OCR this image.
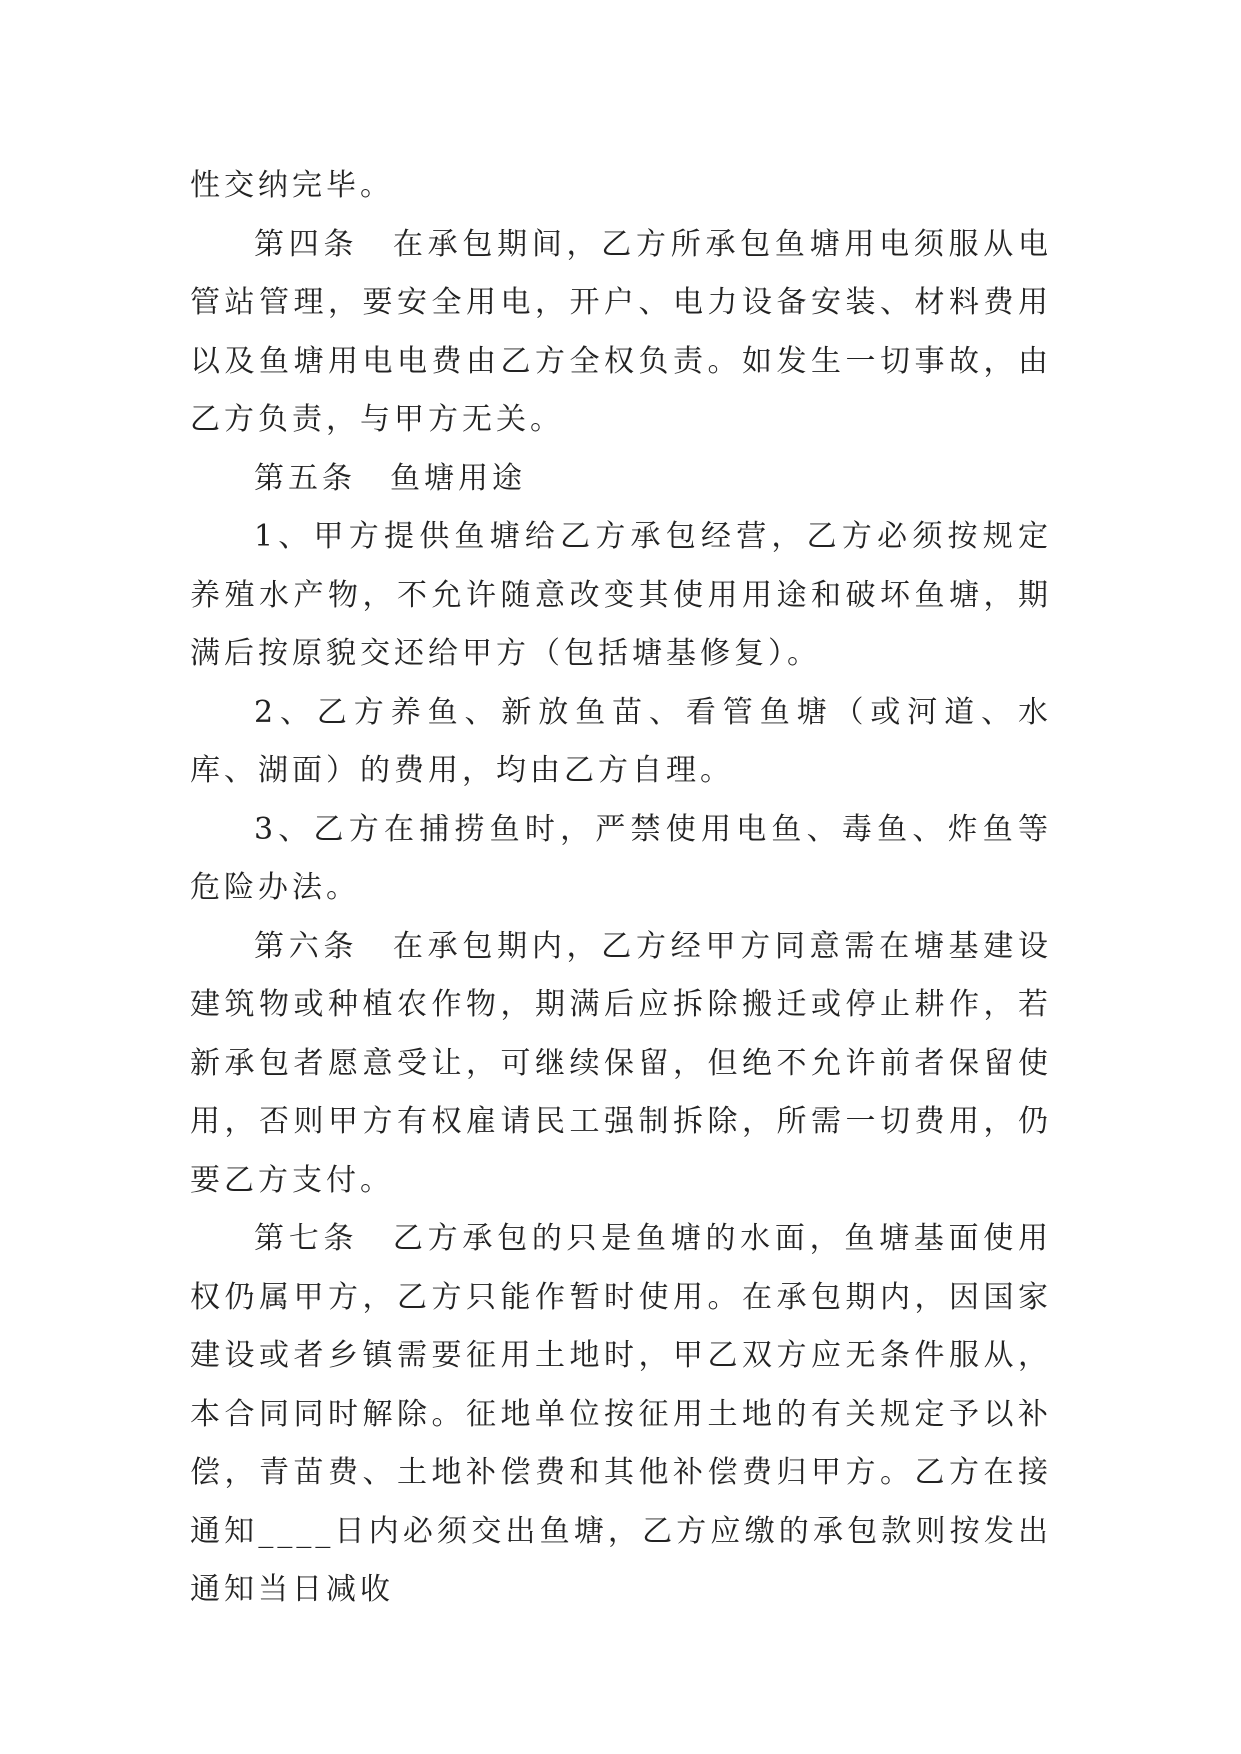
性交纳完毕。

第四条　在承包期间，乙方所承包鱼塘用电须服从电管站管理，要安全用电，开户、电力设备安装、材料费用以及鱼塘用电电费由乙方全权负责。如发生一切事故，由乙方负责，与甲方无关。

第五条　鱼塘用途

1、甲方提供鱼塘给乙方承包经营，乙方必须按规定养殖水产物，不允许随意改变其使用用途和破坏鱼塘，期满后按原貌交还给甲方（包括塘基修复）。

2、乙方养鱼、新放鱼苗、看管鱼塘（或河道、水库、湖面）的费用，均由乙方自理。

3、乙方在捕捞鱼时，严禁使用电鱼、毒鱼、炸鱼等危险办法。

第六条　在承包期内，乙方经甲方同意需在塘基建设建筑物或种植农作物，期满后应拆除搬迁或停止耕作，若新承包者愿意受让，可继续保留，但绝不允许前者保留使用，否则甲方有权雇请民工强制拆除，所需一切费用，仍要乙方支付。

第七条　乙方承包的只是鱼塘的水面，鱼塘基面使用权仍属甲方，乙方只能作暂时使用。在承包期内，因国家建设或者乡镇需要征用土地时，甲乙双方应无条件服从，本合同同时解除。征地单位按征用土地的有关规定予以补偿，青苗费、土地补偿费和其他补偿费归甲方。乙方在接通知____日内必须交出鱼塘，乙方应缴的承包款则按发出通知当日减收
